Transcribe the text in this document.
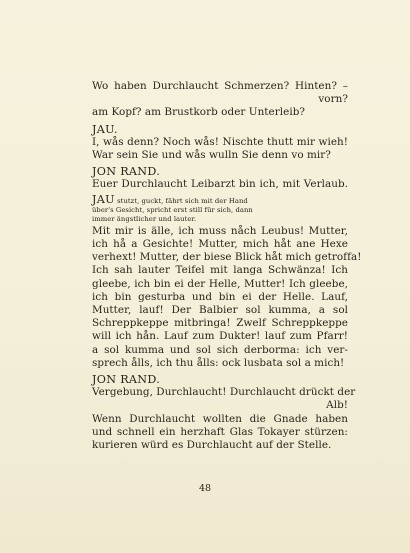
Wo haben Durchlaucht Schmerzen? Hinten? –
vorn?
am Kopf? am Brustkorb oder Unterleib?
JAU.
I, wås denn? Noch wås! Nischte thutt mir wieh!
War sein Sie und wås wulln Sie denn vo mir?
JON RAND.
Euer Durchlaucht Leibarzt bin ich, mit Verlaub.
JAU stutzt, guckt, fährt sich mit der Hand
über's Gesicht, spricht erst still für sich, dann
immer ängstlicher und lauter.
Mit mir is älle, ich muss nåch Leubus! Mutter,
ich hå a Gesichte! Mutter, mich håt ane Hexe
verhext! Mutter, der biese Blick håt mich getroffa!
Ich sah lauter Teifel mit langa Schwänza! Ich
gleebe, ich bin ei der Helle, Mutter! Ich gleebe,
ich bin gesturba und bin ei der Helle. Lauf,
Mutter, lauf! Der Balbier sol kumma, a sol
Schreppkeppe mitbringa! Zwelf Schreppkeppe
will ich hån. Lauf zum Dukter! lauf zum Pfarr!
a sol kumma und sol sich derborma: ich ver-
sprech ålls, ich thu ålls: ock lusbata sol a mich!
JON RAND.
Vergebung, Durchlaucht! Durchlaucht drückt der
Alb!
Wenn Durchlaucht wollten die Gnade haben
und schnell ein herzhaft Glas Tokayer stürzen:
kurieren würd es Durchlaucht auf der Stelle.
48
